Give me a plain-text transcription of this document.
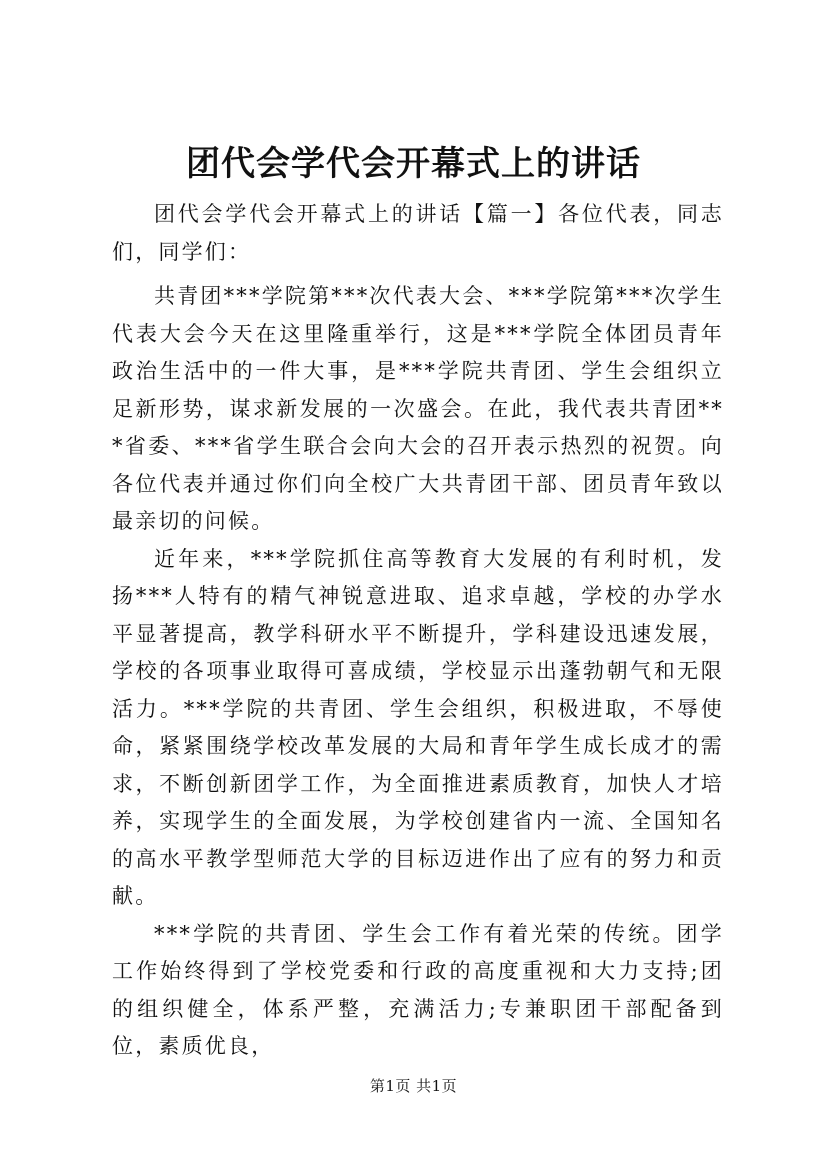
团代会学代会开幕式上的讲话

团代会学代会开幕式上的讲话【篇一】各位代表，同志们，同学们：

共青团***学院第***次代表大会、***学院第***次学生代表大会今天在这里隆重举行，这是***学院全体团员青年政治生活中的一件大事，是***学院共青团、学生会组织立足新形势，谋求新发展的一次盛会。在此，我代表共青团***省委、***省学生联合会向大会的召开表示热烈的祝贺。向各位代表并通过你们向全校广大共青团干部、团员青年致以最亲切的问候。

近年来，***学院抓住高等教育大发展的有利时机，发扬***人特有的精气神锐意进取、追求卓越，学校的办学水平显著提高，教学科研水平不断提升，学科建设迅速发展，学校的各项事业取得可喜成绩，学校显示出蓬勃朝气和无限活力。***学院的共青团、学生会组织，积极进取，不辱使命，紧紧围绕学校改革发展的大局和青年学生成长成才的需求，不断创新团学工作，为全面推进素质教育，加快人才培养，实现学生的全面发展，为学校创建省内一流、全国知名的高水平教学型师范大学的目标迈进作出了应有的努力和贡献。

***学院的共青团、学生会工作有着光荣的传统。团学工作始终得到了学校党委和行政的高度重视和大力支持;团的组织健全，体系严整，充满活力;专兼职团干部配备到位，素质优良，

第1页 共1页
